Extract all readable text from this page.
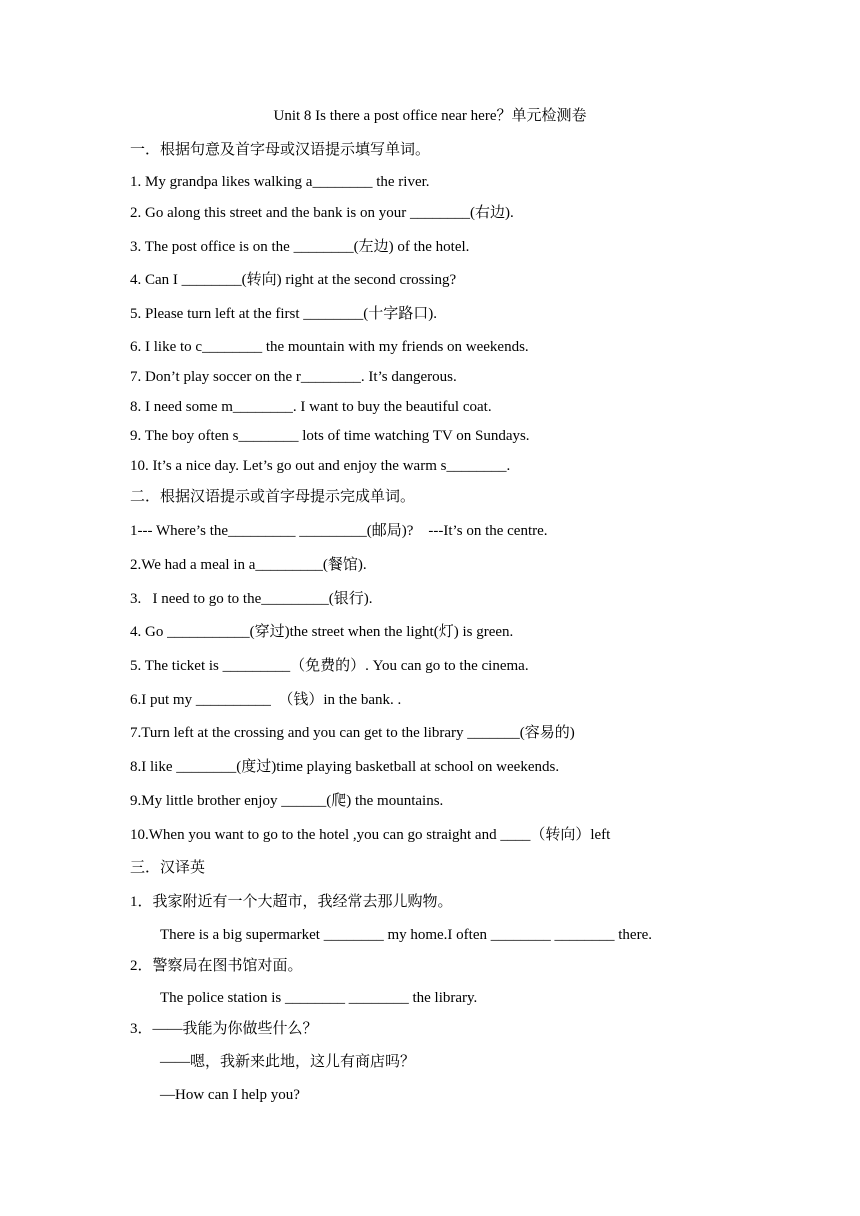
Unit 8 Is there a post office near here？单元检测卷
一．根据句意及首字母或汉语提示填写单词。
1. My grandpa likes walking a________ the river.
2. Go along this street and the bank is on your ________(右边).
3. The post office is on the ________(左边) of the hotel.
4. Can I ________(转向) right at the second crossing?
5. Please turn left at the first ________(十字路口).
6. I like to c________ the mountain with my friends on weekends.
7. Don’t play soccer on the r________. It’s dangerous.
8. I need some m________. I want to buy the beautiful coat.
9. The boy often s________ lots of time watching TV on Sundays.
10. It’s a nice day. Let’s go out and enjoy the warm s________.
二．根据汉语提示或首字母提示完成单词。
1--- Where’s the_________ _________(邮局)?    ---It’s on the centre.
2.We had a meal in a_________(餐馆).
3.   I need to go to the_________(银行).
4. Go ___________(穿过)the street when the light(灯) is green.
5. The ticket is _________（免费的）. You can go to the cinema.
6.I put my __________  （钱）in the bank. .
7.Turn left at the crossing and you can get to the library _______(容易的)
8.I like ________(度过)time playing basketball at school on weekends.
9.My little brother enjoy ______(爬) the mountains.
10.When you want to go to the hotel ,you can go straight and ____（转向）left
三．汉译英
1．我家附近有一个大超市，我经常去那儿购物。
There is a big supermarket ________ my home.I often ________ ________ there.
2．警察局在图书馆对面。
The police station is ________ ________ the library.
3．——我能为你做些什么？
——嗯，我新来此地，这儿有商店吗？
—How can I help you?
